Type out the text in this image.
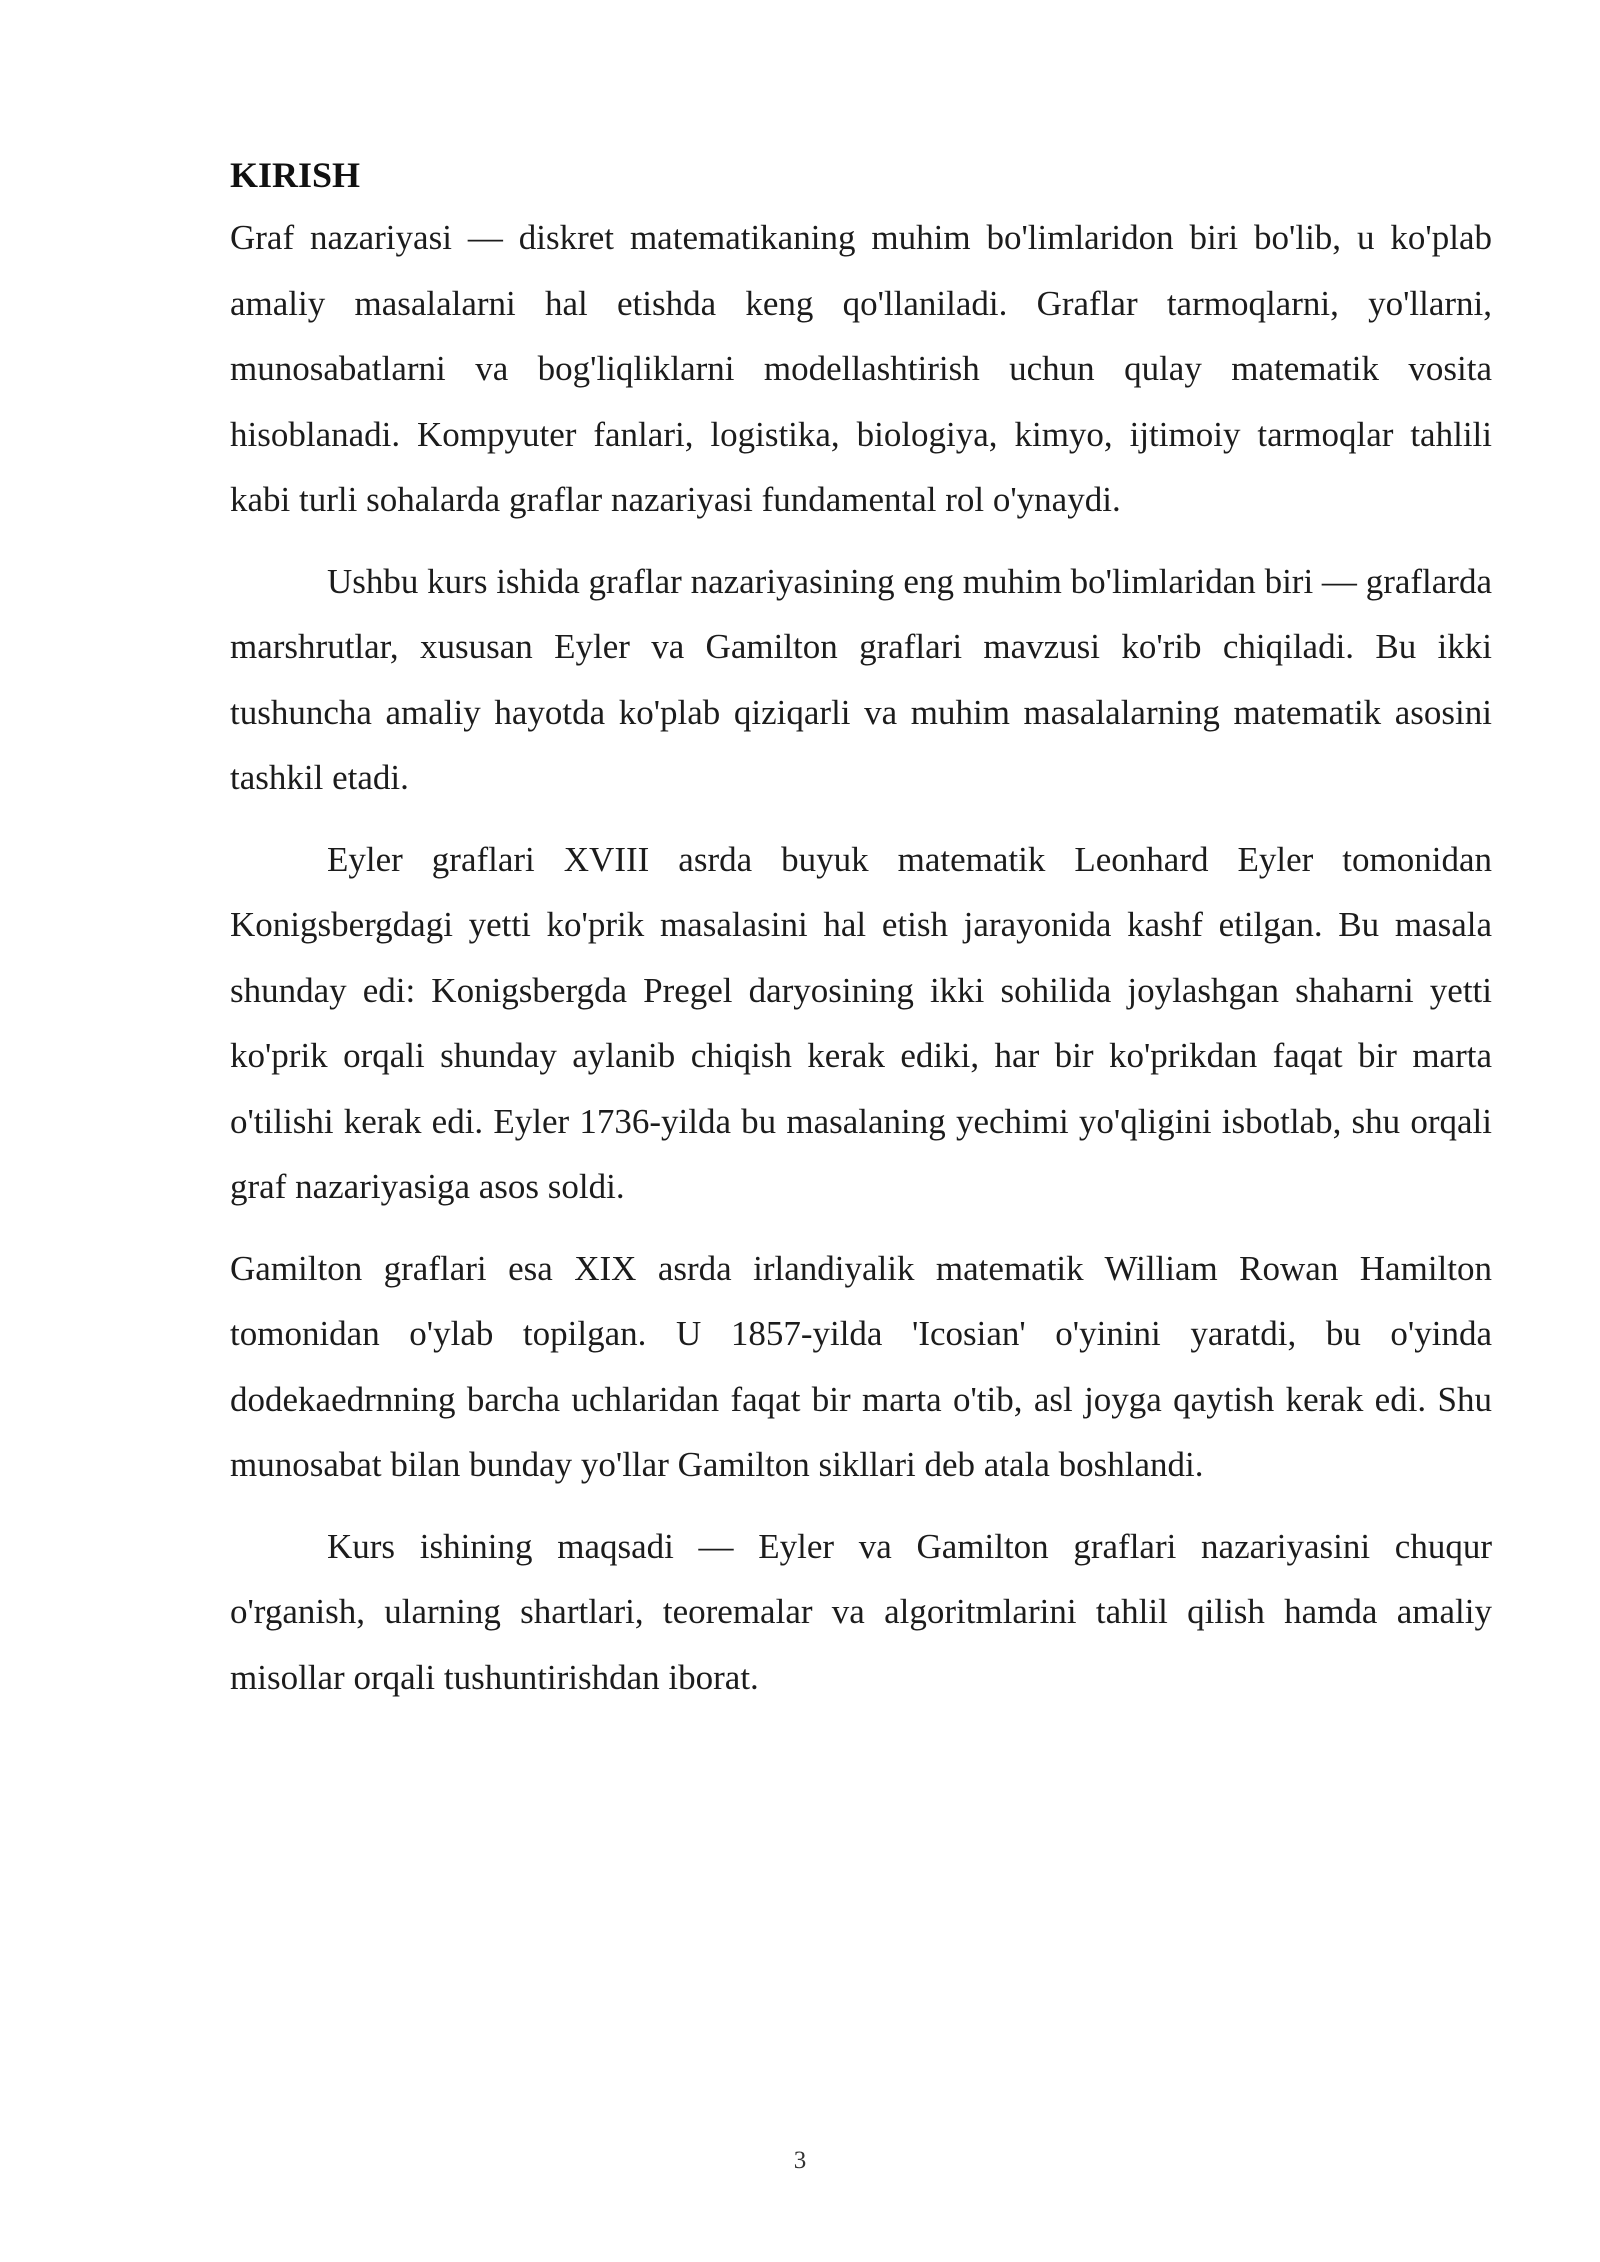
KIRISH

Graf nazariyasi — diskret matematikaning muhim bo'limlaridon biri bo'lib, u ko'plab amaliy masalalarni hal etishda keng qo'llaniladi. Graflar tarmoqlarni, yo'llarni, munosabatlarni va bog'liqliklarni modellashtirish uchun qulay matematik vosita hisoblanadi. Kompyuter fanlari, logistika, biologiya, kimyo, ijtimoiy tarmoqlar tahlili kabi turli sohalarda graflar nazariyasi fundamental rol o'ynaydi.

Ushbu kurs ishida graflar nazariyasining eng muhim bo'limlaridan biri — graflarda marshrutlar, xususan Eyler va Gamilton graflari mavzusi ko'rib chiqiladi. Bu ikki tushuncha amaliy hayotda ko'plab qiziqarli va muhim masalalarning matematik asosini tashkil etadi.

Eyler graflari XVIII asrda buyuk matematik Leonhard Eyler tomonidan Konigsbergdagi yetti ko'prik masalasini hal etish jarayonida kashf etilgan. Bu masala shunday edi: Konigsbergda Pregel daryosining ikki sohilida joylashgan shaharni yetti ko'prik orqali shunday aylanib chiqish kerak ediki, har bir ko'prikdan faqat bir marta o'tilishi kerak edi. Eyler 1736-yilda bu masalaning yechimi yo'qligini isbotlab, shu orqali graf nazariyasiga asos soldi.

Gamilton graflari esa XIX asrda irlandiyalik matematik William Rowan Hamilton tomonidan o'ylab topilgan. U 1857-yilda 'Icosian' o'yinini yaratdi, bu o'yinda dodekaedrnning barcha uchlaridan faqat bir marta o'tib, asl joyga qaytish kerak edi. Shu munosabat bilan bunday yo'llar Gamilton sikllari deb atala boshlandi.

Kurs ishining maqsadi — Eyler va Gamilton graflari nazariyasini chuqur o'rganish, ularning shartlari, teoremalar va algoritmlarini tahlil qilish hamda amaliy misollar orqali tushuntirishdan iborat.

3
